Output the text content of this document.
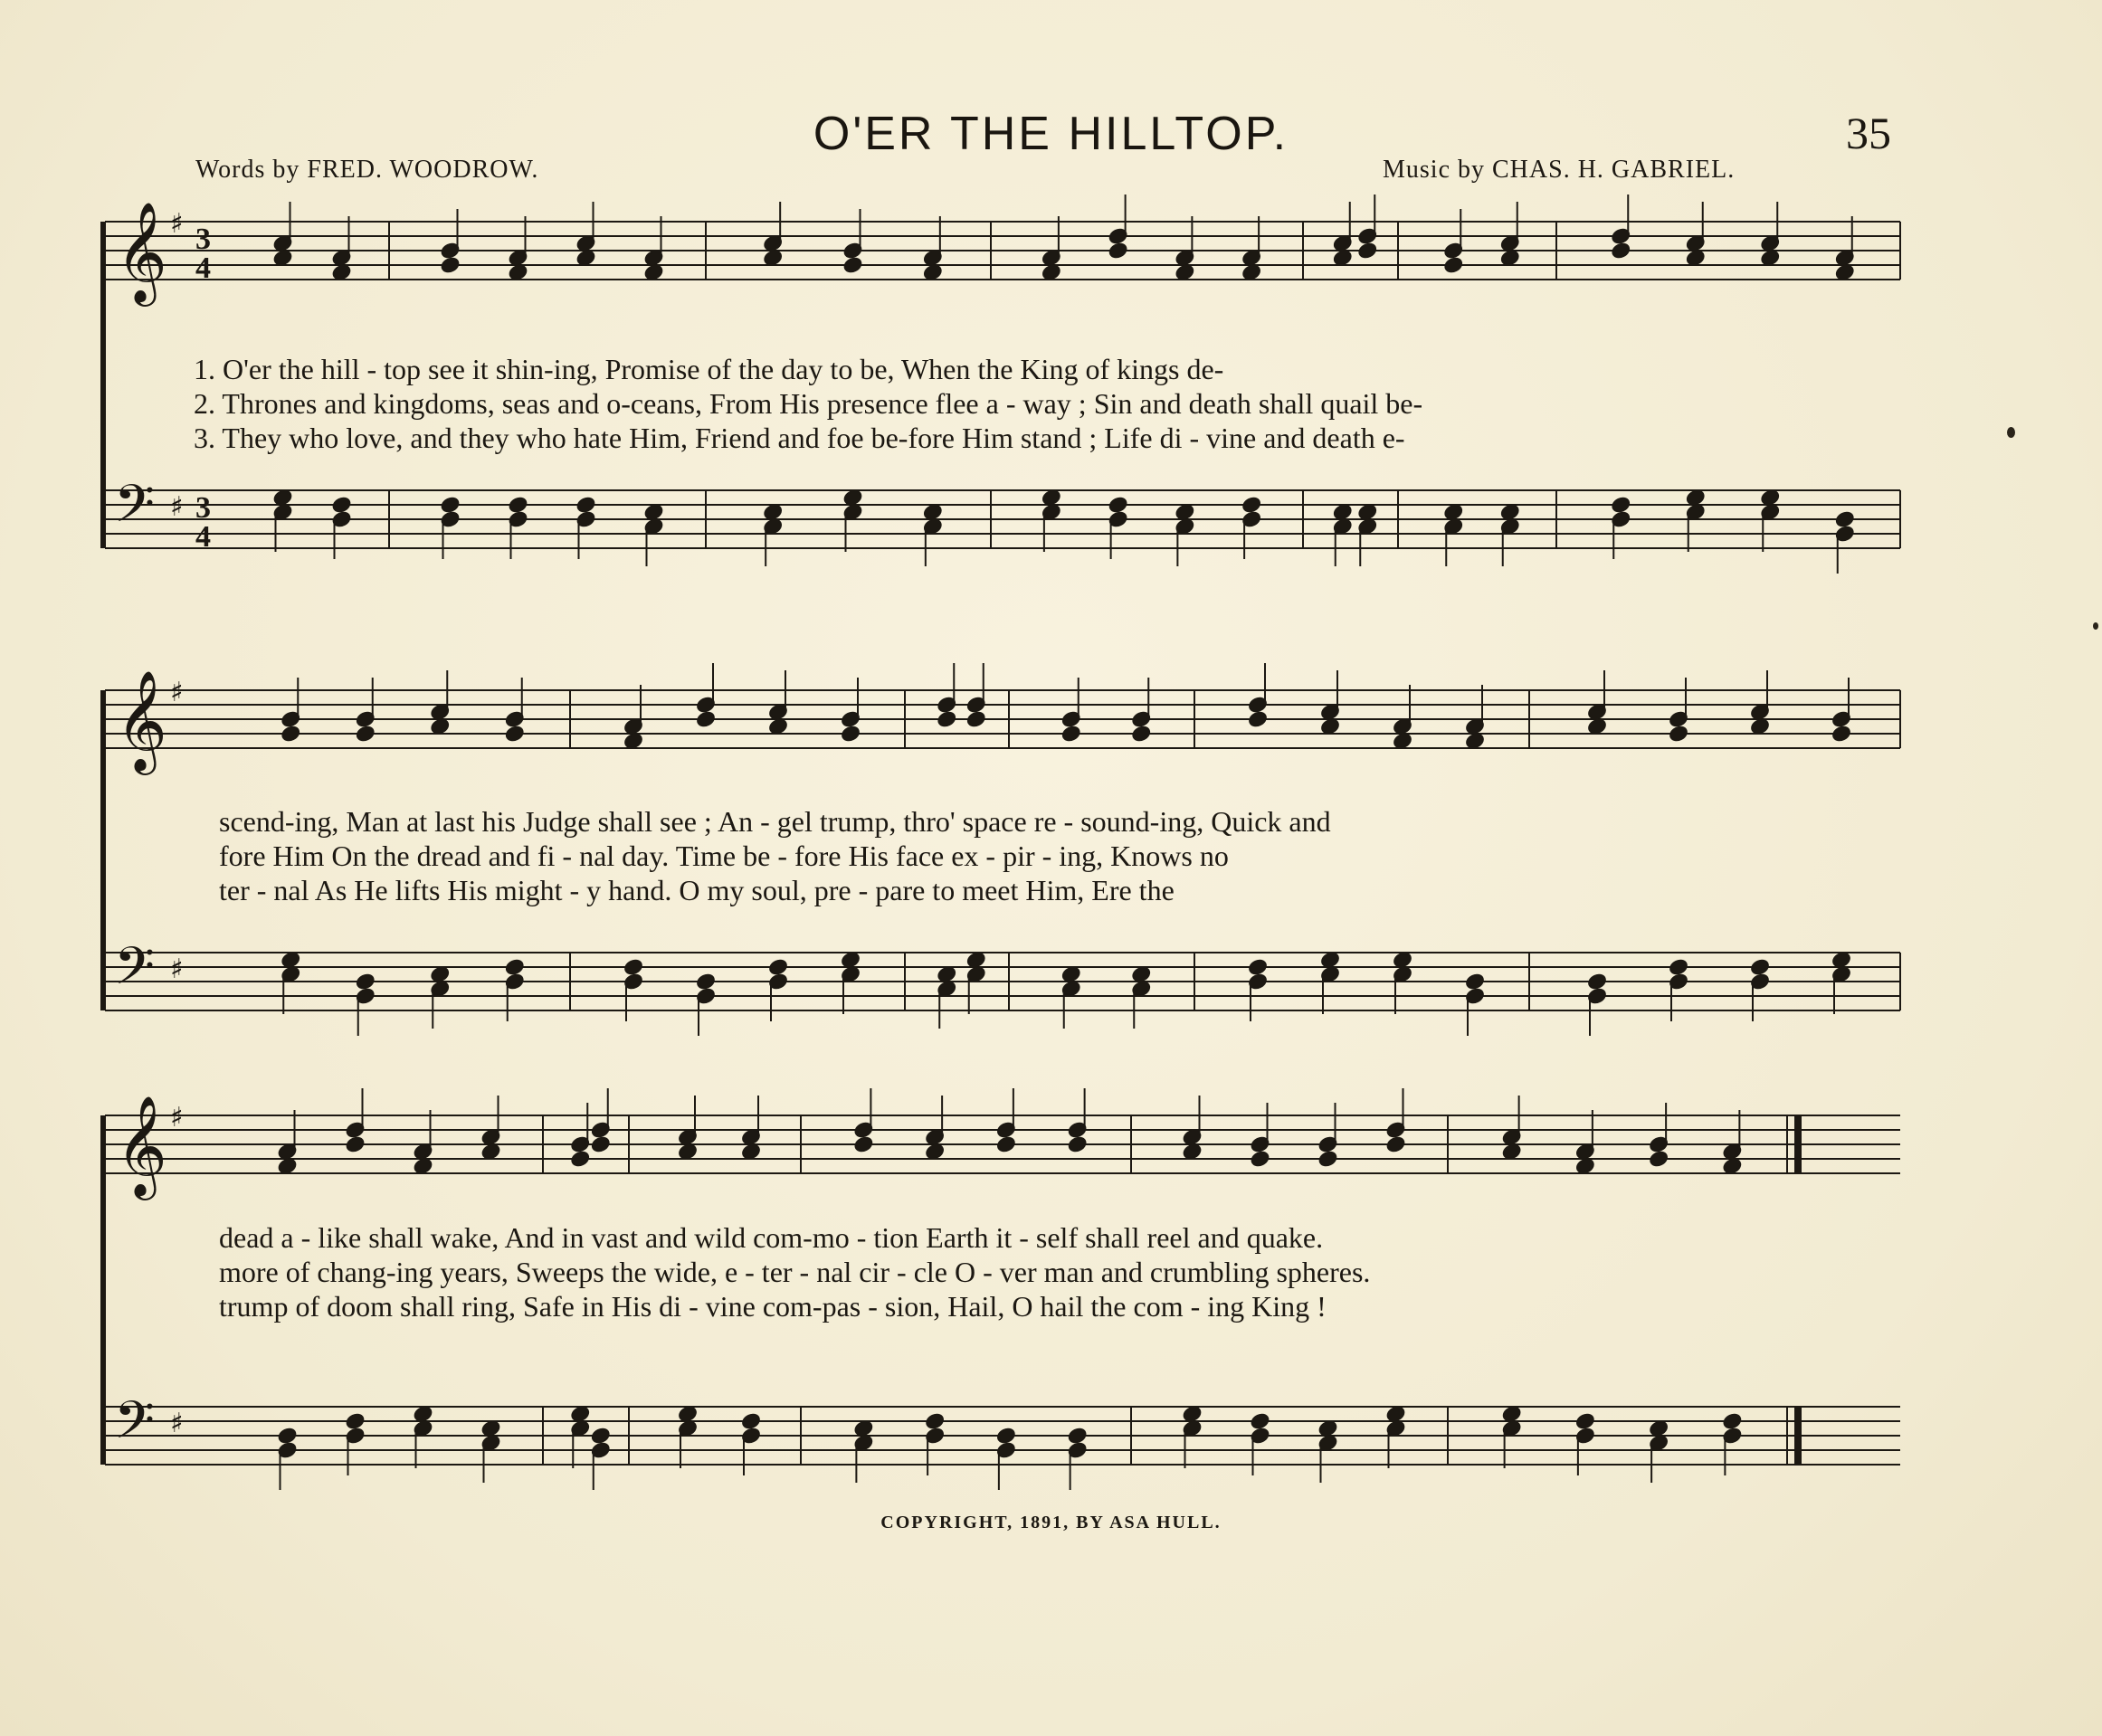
O'ER THE HILLTOP.	35
Words by FRED. WOODROW.	Music by CHAS. H. GABRIEL.
𝄞
𝄢
♯
♯
3
4
3
4
1. O'er the hill - top see it shin-ing, Promise of the day to be, When the King of kings de-
2. Thrones and kingdoms, seas and o-ceans, From His presence flee a - way ; Sin and death shall quail be-
3. They who love, and they who hate Him, Friend and foe be-fore Him stand ; Life di - vine and death e-
𝄞
𝄢
♯
♯
scend-ing, Man at last his Judge shall see ; An - gel trump, thro' space re - sound-ing, Quick and
fore Him On the dread and fi - nal day. Time be - fore His face ex - pir - ing, Knows no
ter - nal As He lifts His might - y hand. O my soul, pre - pare to meet Him, Ere the
𝄞
𝄢
♯
♯
dead a - like shall wake, And in vast and wild com-mo - tion Earth it - self shall reel and quake.
more of chang-ing years, Sweeps the wide, e - ter - nal cir - cle O - ver man and crumbling spheres.
trump of doom shall ring, Safe in His di - vine com-pas - sion, Hail, O hail the com - ing King !
COPYRIGHT, 1891, BY ASA HULL.
